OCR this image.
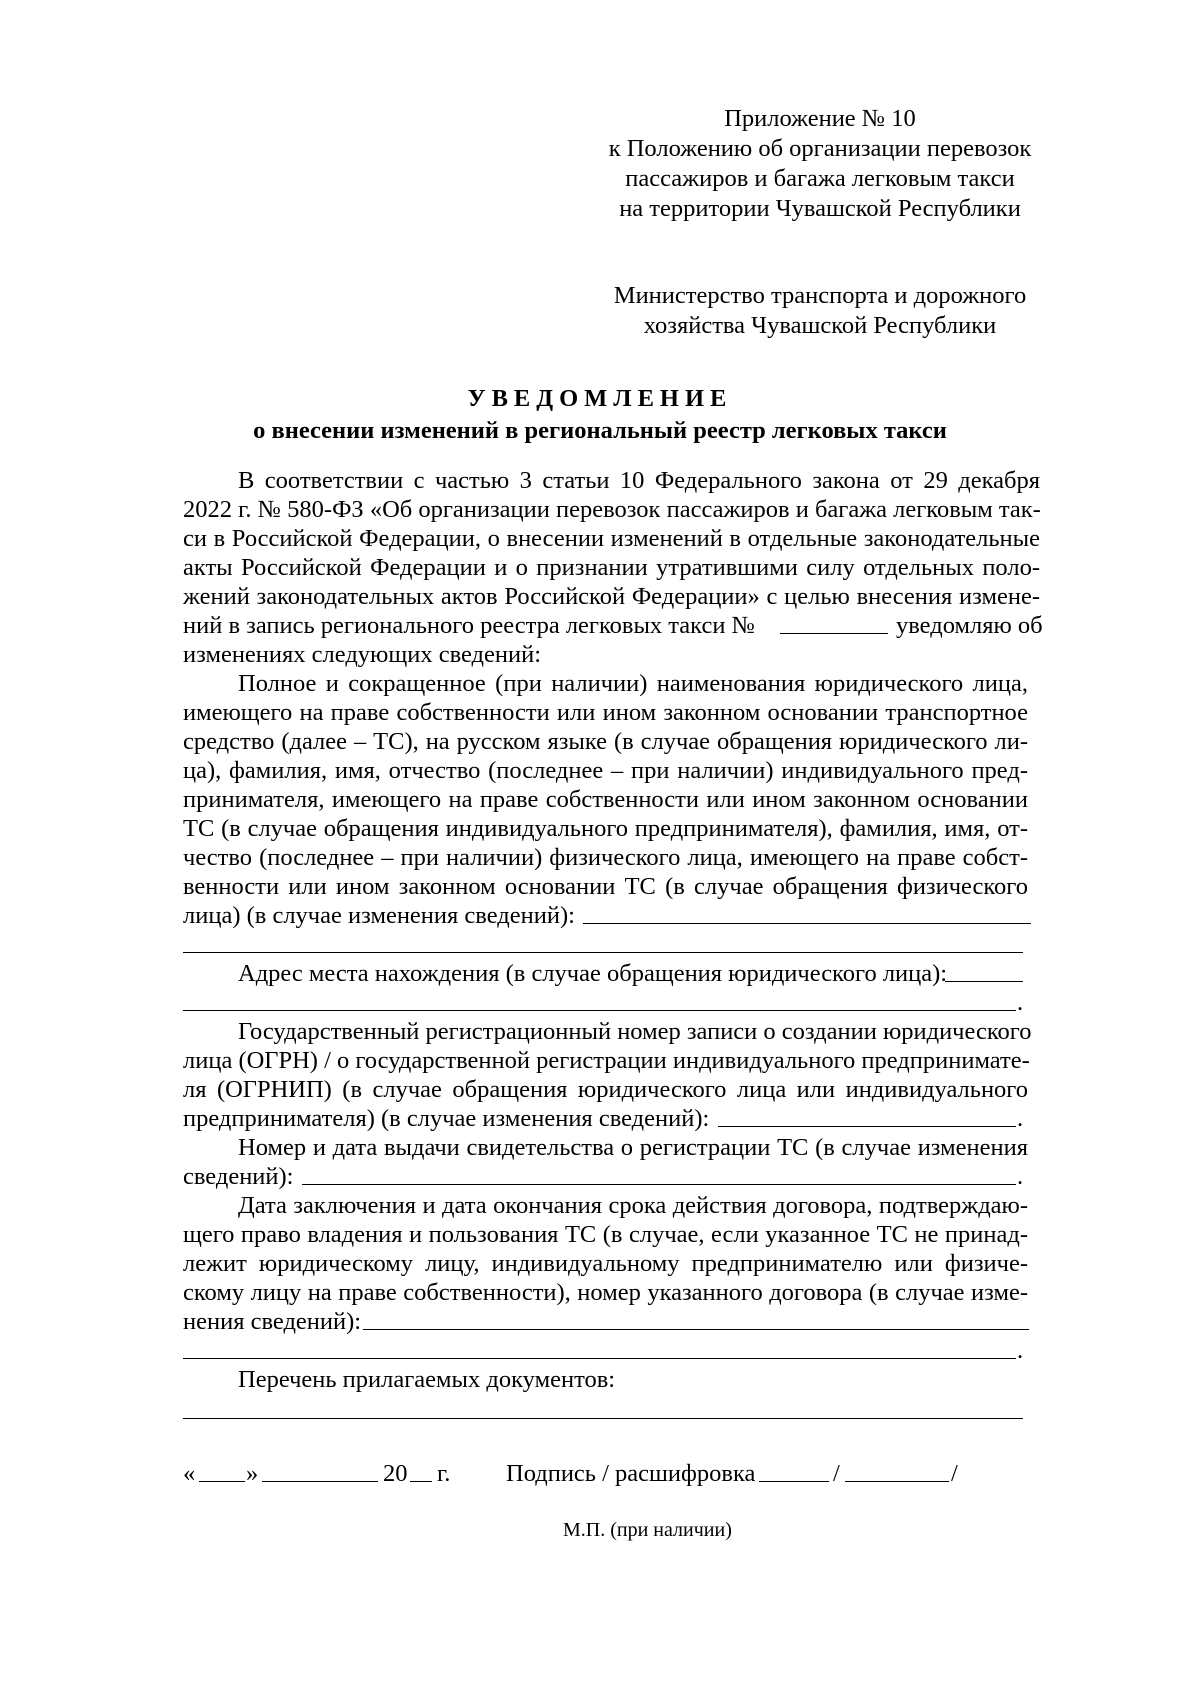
Приложение № 10
к Положению об организации перевозок
пассажиров и багажа легковым такси
на территории Чувашской Республики
Министерство транспорта и дорожного
хозяйства Чувашской Республики
УВЕДОМЛЕНИЕ
о внесении изменений в региональный реестр легковых такси
В соответствии с частью 3 статьи 10 Федерального закона от 29 декабря
2022 г. № 580-ФЗ «Об организации перевозок пассажиров и багажа легковым так-
си в Российской Федерации, о внесении изменений в отдельные законодательные
акты Российской Федерации и о признании утратившими силу отдельных поло-
жений законодательных актов Российской Федерации» с целью внесения измене-
ний в запись регионального реестра легковых такси №	уведомляю об
изменениях следующих сведений:
Полное и сокращенное (при наличии) наименования юридического лица,
имеющего на праве собственности или ином законном основании транспортное
средство (далее – ТС), на русском языке (в случае обращения юридического ли-
ца), фамилия, имя, отчество (последнее – при наличии) индивидуального пред-
принимателя, имеющего на праве собственности или ином законном основании
ТС (в случае обращения индивидуального предпринимателя), фамилия, имя, от-
чество (последнее – при наличии) физического лица, имеющего на праве собст-
венности или ином законном основании ТС (в случае обращения физического
лица) (в случае изменения сведений):
Адрес места нахождения (в случае обращения юридического лица):
.
Государственный регистрационный номер записи о создании юридического
лица (ОГРН) / о государственной регистрации индивидуального предпринимате-
ля (ОГРНИП) (в случае обращения юридического лица или индивидуального
предпринимателя) (в случае изменения сведений):	.
Номер и дата выдачи свидетельства о регистрации ТС (в случае изменения
сведений):	.
Дата заключения и дата окончания срока действия договора, подтверждаю-
щего право владения и пользования ТС (в случае, если указанное ТС не принад-
лежит юридическому лицу, индивидуальному предпринимателю или физиче-
скому лицу на праве собственности), номер указанного договора (в случае изме-
нения сведений):
.
Перечень прилагаемых документов:
« »	20 г. Подпись / расшифровка	/	/
М.П. (при наличии)
